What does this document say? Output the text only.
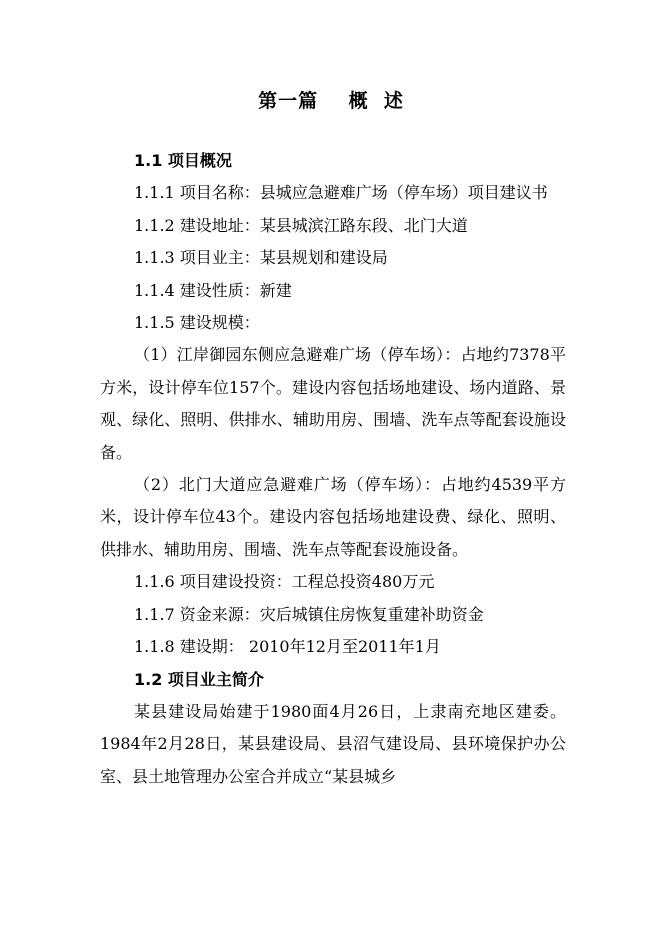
第一篇    概  述

1.1 项目概况

1.1.1 项目名称：县城应急避难广场（停车场）项目建议书

1.1.2 建设地址：某县城滨江路东段、北门大道

1.1.3 项目业主：某县规划和建设局

1.1.4 建设性质：新建

1.1.5 建设规模：

（1）江岸御园东侧应急避难广场（停车场）：占地约7378平方米，设计停车位157个。建设内容包括场地建设、场内道路、景观、绿化、照明、供排水、辅助用房、围墙、洗车点等配套设施设备。

（2）北门大道应急避难广场（停车场）：占地约4539平方米，设计停车位43个。建设内容包括场地建设费、绿化、照明、供排水、辅助用房、围墙、洗车点等配套设施设备。

1.1.6 项目建设投资：工程总投资480万元

1.1.7 资金来源：灾后城镇住房恢复重建补助资金

1.1.8 建设期： 2010年12月至2011年1月

1.2 项目业主简介

某县建设局始建于1980面4月26日，上隶南充地区建委。1984年2月28日，某县建设局、县沼气建设局、县环境保护办公室、县土地管理办公室合并成立“某县城乡
